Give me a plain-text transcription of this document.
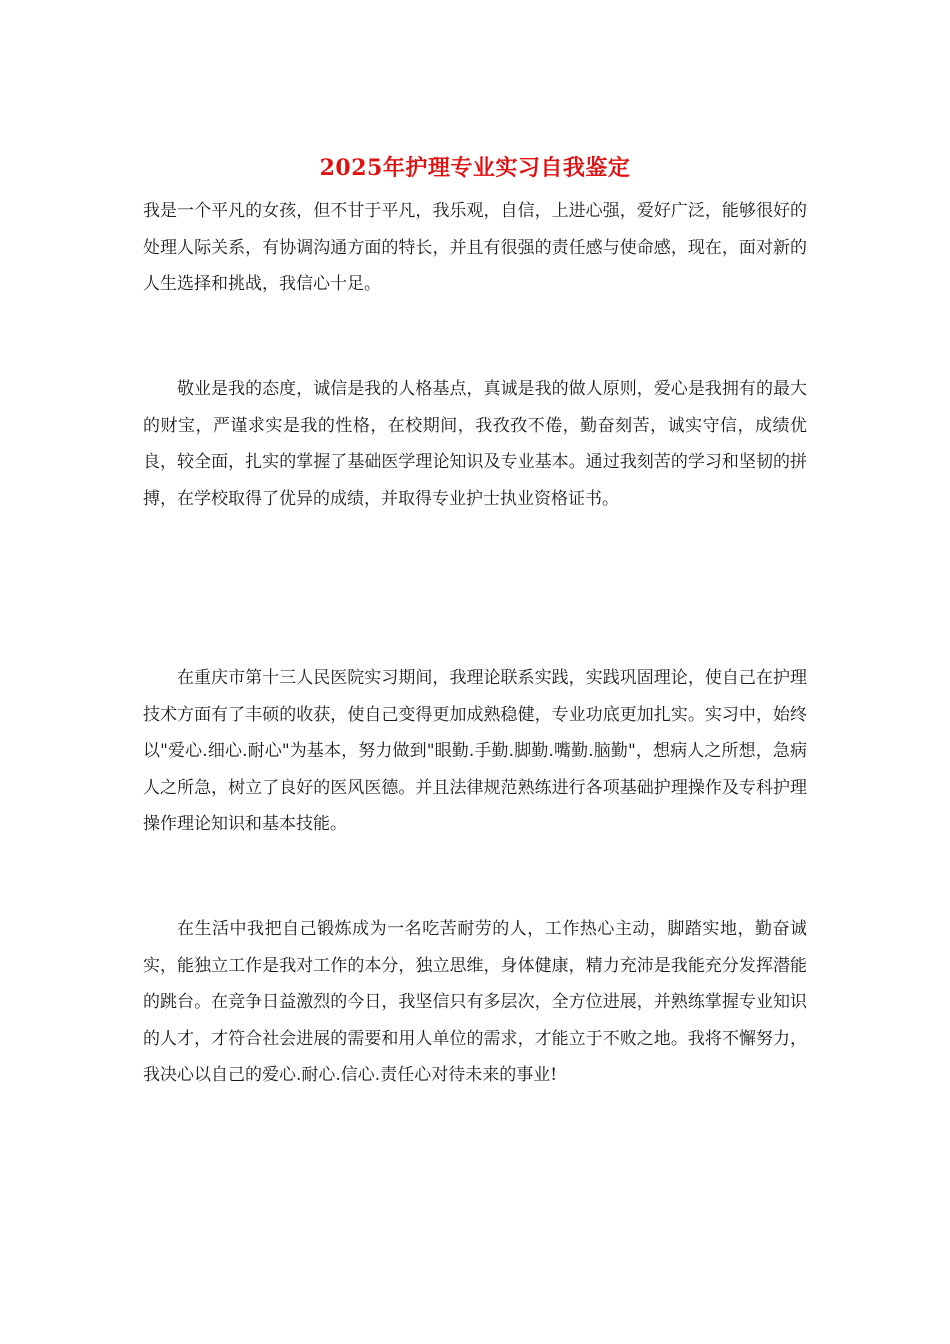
2025年护理专业实习自我鉴定

我是一个平凡的女孩，但不甘于平凡，我乐观，自信，上进心强，爱好广泛，能够很好的处理人际关系，有协调沟通方面的特长，并且有很强的责任感与使命感，现在，面对新的人生选择和挑战，我信心十足。

敬业是我的态度，诚信是我的人格基点，真诚是我的做人原则，爱心是我拥有的最大的财宝，严谨求实是我的性格，在校期间，我孜孜不倦，勤奋刻苦，诚实守信，成绩优良，较全面，扎实的掌握了基础医学理论知识及专业基本。通过我刻苦的学习和坚韧的拼搏，在学校取得了优异的成绩，并取得专业护士执业资格证书。

在重庆市第十三人民医院实习期间，我理论联系实践，实践巩固理论，使自己在护理技术方面有了丰硕的收获，使自己变得更加成熟稳健，专业功底更加扎实。实习中，始终以"爱心.细心.耐心"为基本，努力做到"眼勤.手勤.脚勤.嘴勤.脑勤"，想病人之所想，急病人之所急，树立了良好的医风医德。并且法律规范熟练进行各项基础护理操作及专科护理操作理论知识和基本技能。

在生活中我把自己锻炼成为一名吃苦耐劳的人，工作热心主动，脚踏实地，勤奋诚实，能独立工作是我对工作的本分，独立思维，身体健康，精力充沛是我能充分发挥潜能的跳台。在竞争日益激烈的今日，我坚信只有多层次，全方位进展，并熟练掌握专业知识的人才，才符合社会进展的需要和用人单位的需求，才能立于不败之地。我将不懈努力，我决心以自己的爱心.耐心.信心.责任心对待未来的事业!
